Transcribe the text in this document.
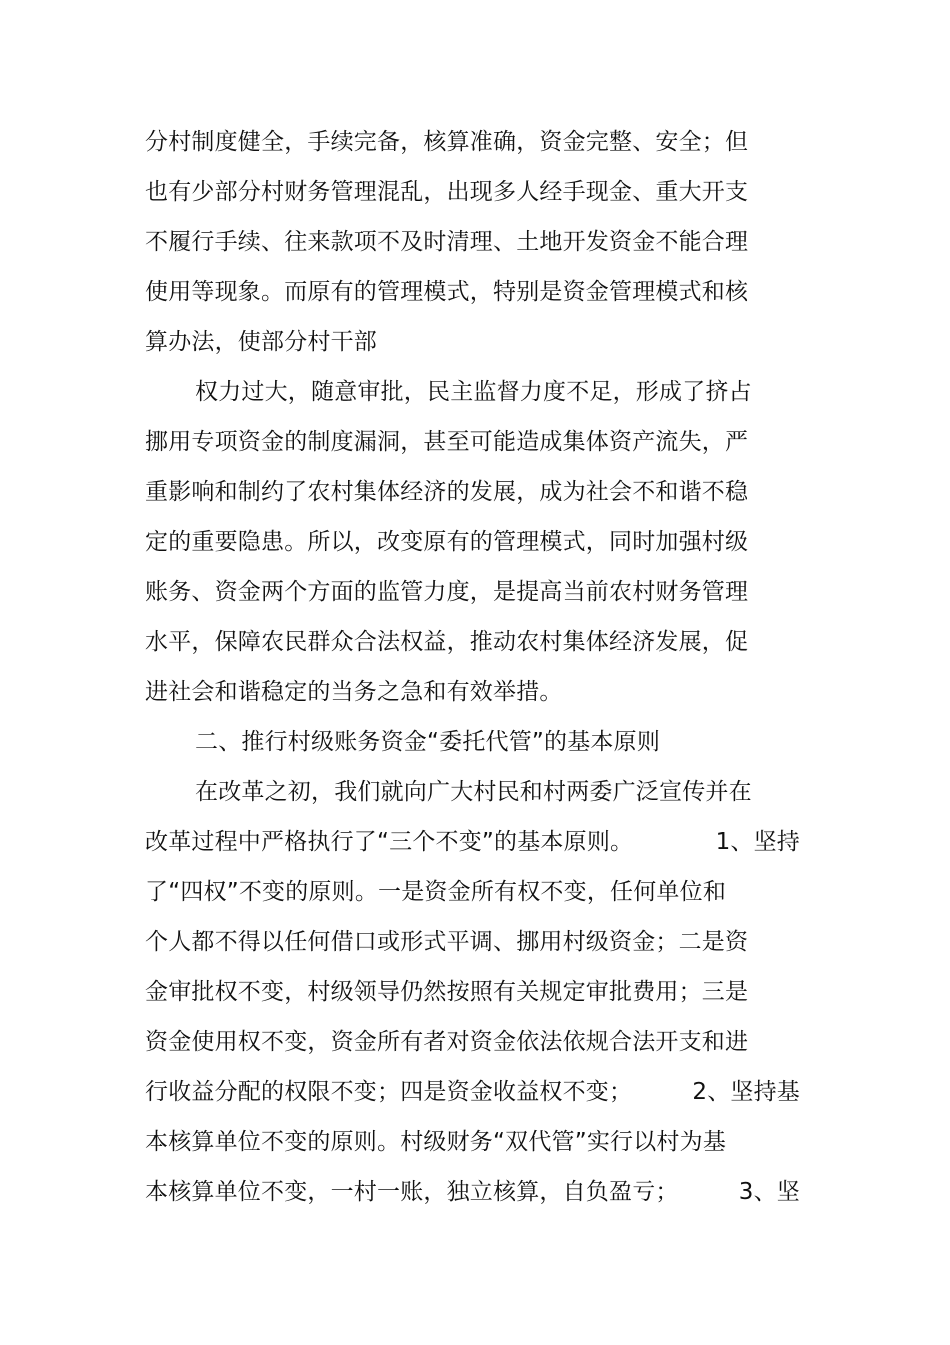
分村制度健全，手续完备，核算准确，资金完整、安全；但
也有少部分村财务管理混乱，出现多人经手现金、重大开支
不履行手续、往来款项不及时清理、土地开发资金不能合理
使用等现象。而原有的管理模式，特别是资金管理模式和核
算办法，使部分村干部
权力过大，随意审批，民主监督力度不足，形成了挤占
挪用专项资金的制度漏洞，甚至可能造成集体资产流失，严
重影响和制约了农村集体经济的发展，成为社会不和谐不稳
定的重要隐患。所以，改变原有的管理模式，同时加强村级
账务、资金两个方面的监管力度，是提高当前农村财务管理
水平，保障农民群众合法权益，推动农村集体经济发展，促
进社会和谐稳定的当务之急和有效举措。
二、推行村级账务资金“委托代管”的基本原则
在改革之初，我们就向广大村民和村两委广泛宣传并在
改革过程中严格执行了“三个不变”的基本原则。	1、坚持
了“四权”不变的原则。一是资金所有权不变，任何单位和
个人都不得以任何借口或形式平调、挪用村级资金；二是资
金审批权不变，村级领导仍然按照有关规定审批费用；三是
资金使用权不变，资金所有者对资金依法依规合法开支和进
行收益分配的权限不变；四是资金收益权不变；	2、坚持基
本核算单位不变的原则。村级财务“双代管”实行以村为基
本核算单位不变，一村一账，独立核算，自负盈亏；	3、坚
